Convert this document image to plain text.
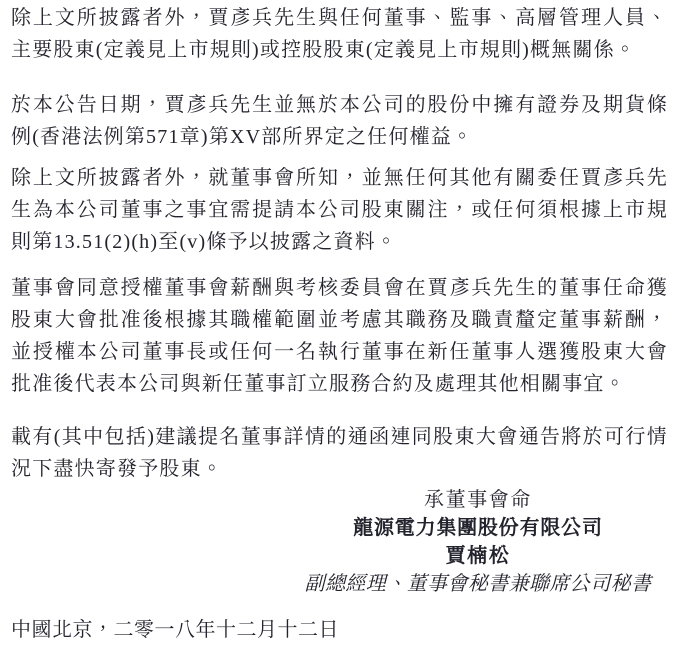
除上文所披露者外，賈彥兵先生與任何董事、監事、高層管理人員、主要股東(定義見上市規則)或控股股東(定義見上市規則)概無關係。

於本公告日期，賈彥兵先生並無於本公司的股份中擁有證券及期貨條例(香港法例第571章)第XV部所界定之任何權益。

除上文所披露者外，就董事會所知，並無任何其他有關委任賈彥兵先生為本公司董事之事宜需提請本公司股東關注，或任何須根據上市規則第13.51(2)(h)至(v)條予以披露之資料。

董事會同意授權董事會薪酬與考核委員會在賈彥兵先生的董事任命獲股東大會批准後根據其職權範圍並考慮其職務及職責釐定董事薪酬，並授權本公司董事長或任何一名執行董事在新任董事人選獲股東大會批准後代表本公司與新任董事訂立服務合約及處理其他相關事宜。

載有(其中包括)建議提名董事詳情的通函連同股東大會通告將於可行情況下盡快寄發予股東。

承董事會命
龍源電力集團股份有限公司
賈楠松
副總經理、董事會秘書兼聯席公司秘書

中國北京，二零一八年十二月十二日
